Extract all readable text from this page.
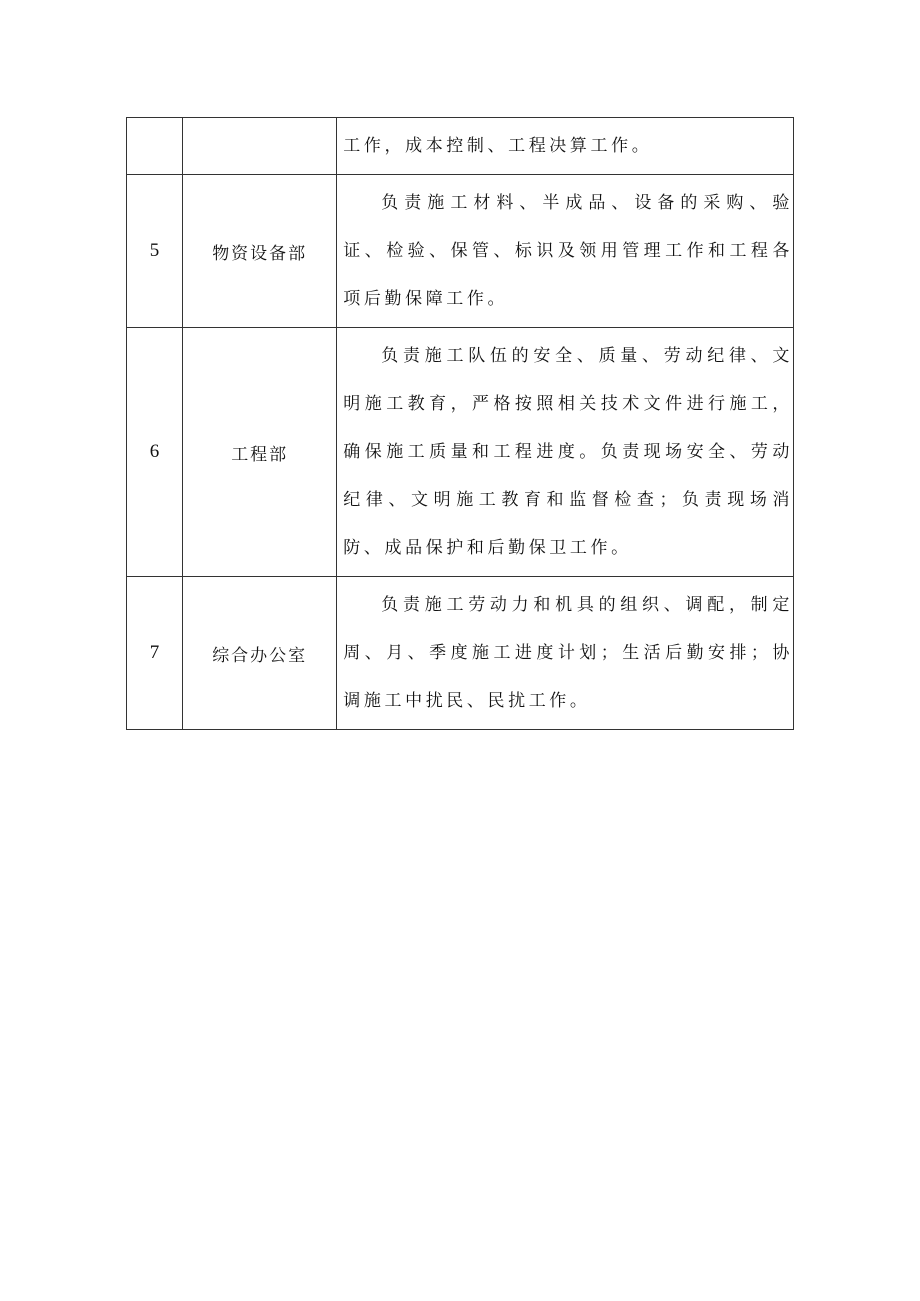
		工作，成本控制、工程决算工作。

5	物资设备部	负责施工材料、半成品、设备的采购、验证、检验、保管、标识及领用管理工作和工程各项后勤保障工作。

6	工程部	负责施工队伍的安全、质量、劳动纪律、文明施工教育，严格按照相关技术文件进行施工，确保施工质量和工程进度。负责现场安全、劳动纪律、文明施工教育和监督检查；负责现场消防、成品保护和后勤保卫工作。

7	综合办公室	负责施工劳动力和机具的组织、调配，制定周、月、季度施工进度计划；生活后勤安排；协调施工中扰民、民扰工作。
